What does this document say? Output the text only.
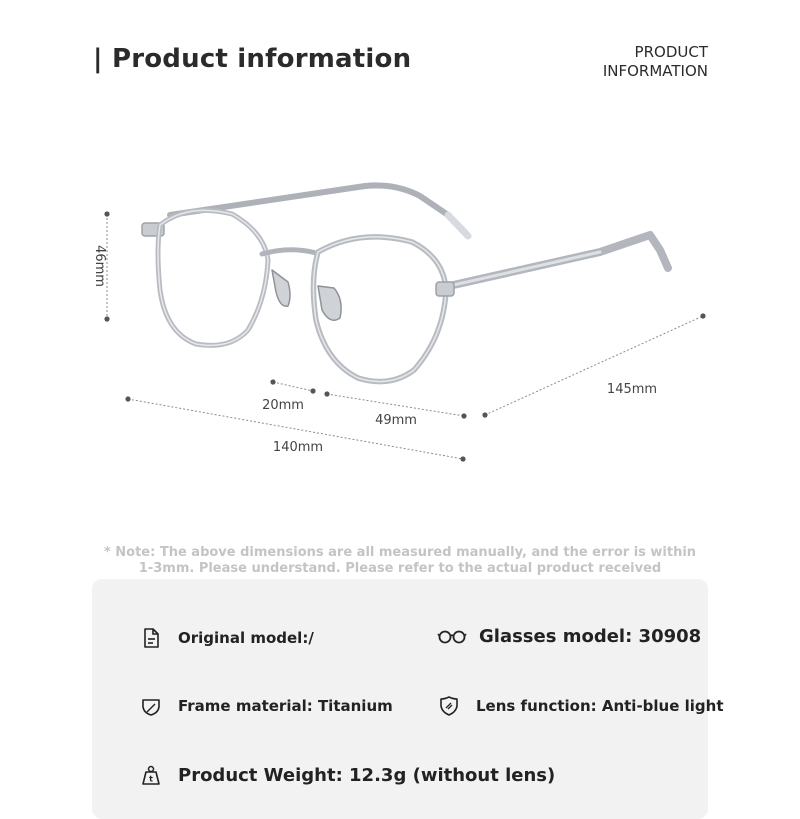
| Product information	PRODUCT
INFORMATION
46mm
20mm
49mm
145mm
140mm
* Note: The above dimensions are all measured manually, and the error is within
1-3mm. Please understand. Please refer to the actual product received
Original model:/	Glasses model: 30908
Frame material: Titanium	Lens function: Anti-blue light
t Product Weight: 12.3g (without lens)
